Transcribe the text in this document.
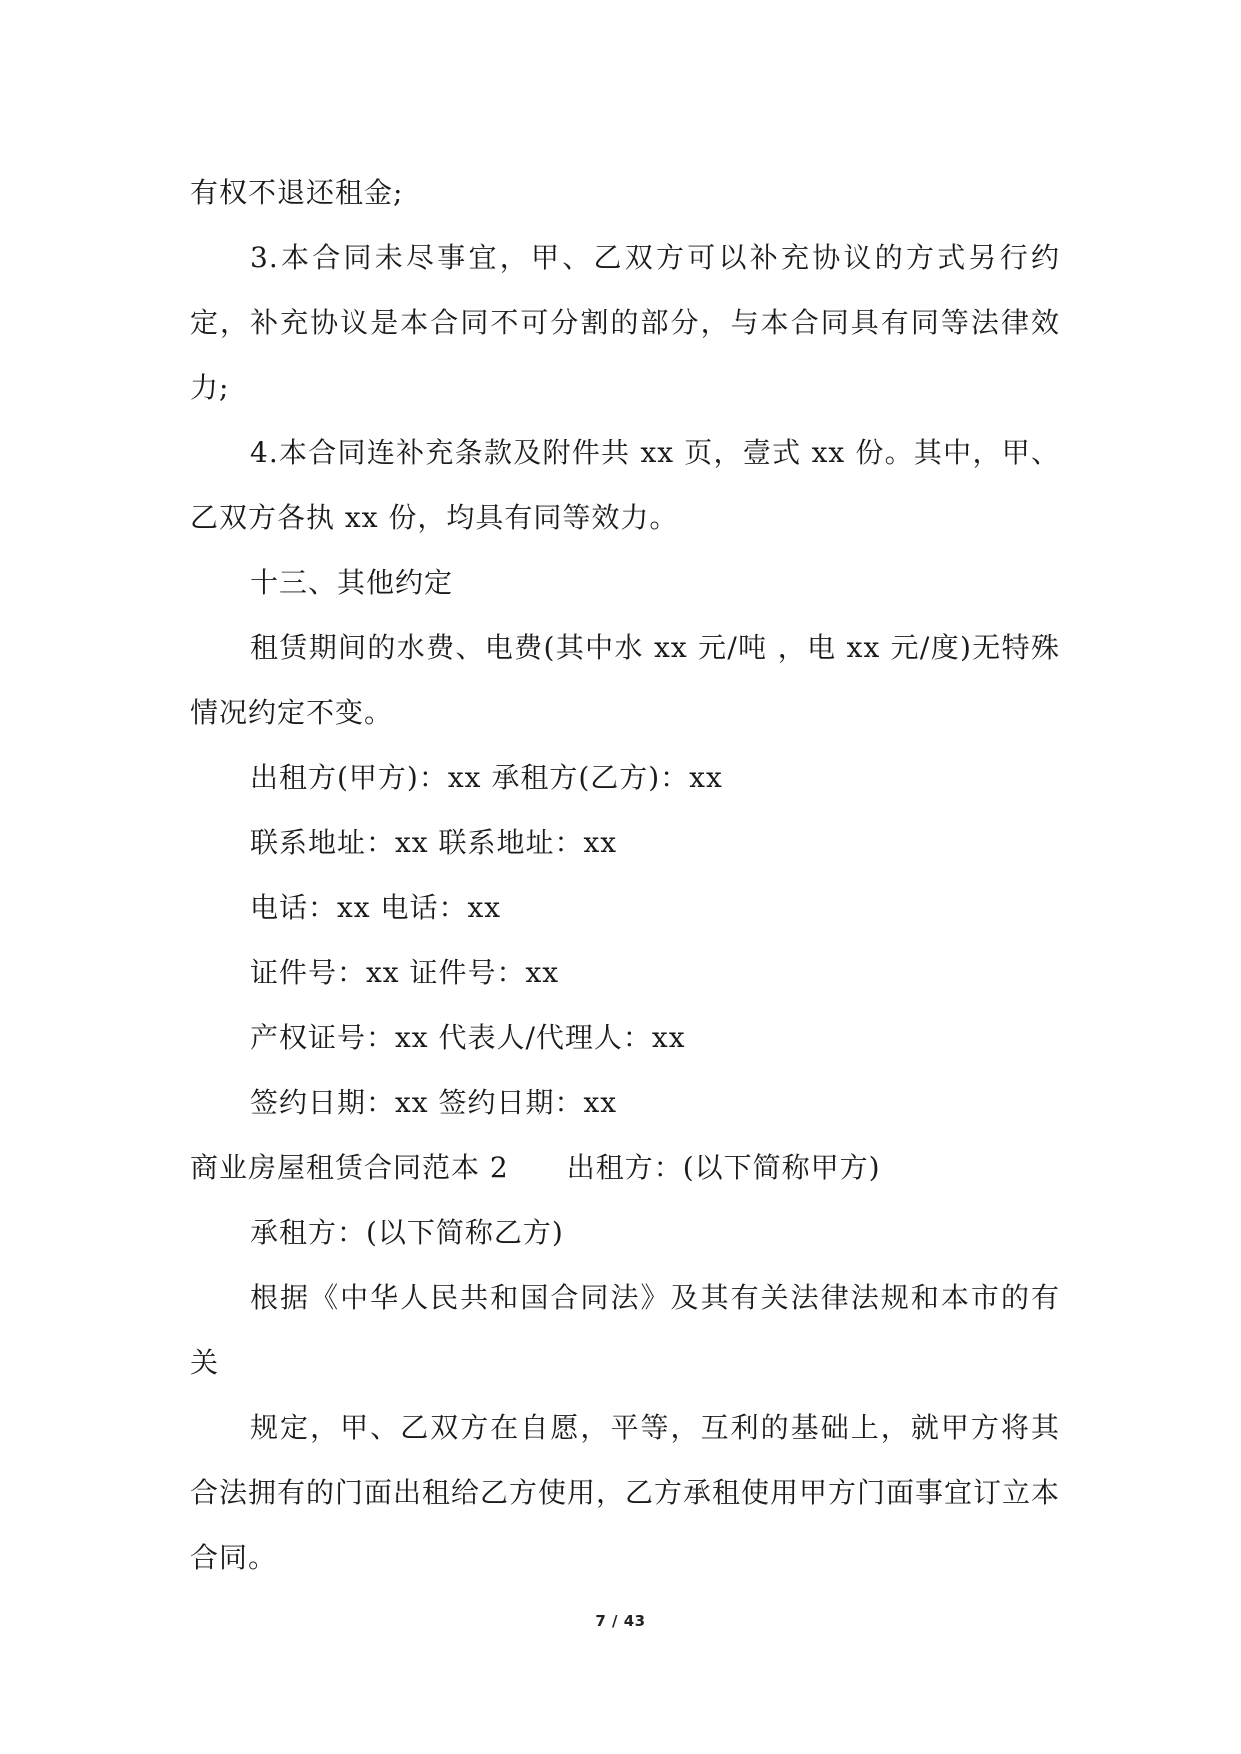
有权不退还租金;

3.本合同未尽事宜，甲、乙双方可以补充协议的方式另行约定，补充协议是本合同不可分割的部分，与本合同具有同等法律效力;

4.本合同连补充条款及附件共 xx 页，壹式 xx 份。其中，甲、乙双方各执 xx 份，均具有同等效力。

十三、其他约定

租赁期间的水费、电费(其中水 xx 元/吨 ，电 xx 元/度)无特殊情况约定不变。

出租方(甲方)：xx 承租方(乙方)：xx

联系地址：xx 联系地址：xx

电话：xx 电话：xx

证件号：xx 证件号：xx

产权证号：xx 代表人/代理人：xx

签约日期：xx 签约日期：xx

商业房屋租赁合同范本 2　　出租方：(以下简称甲方)

承租方：(以下简称乙方)

根据《中华人民共和国合同法》及其有关法律法规和本市的有关

规定，甲、乙双方在自愿，平等，互利的基础上，就甲方将其合法拥有的门面出租给乙方使用，乙方承租使用甲方门面事宜订立本合同。

7 / 43
